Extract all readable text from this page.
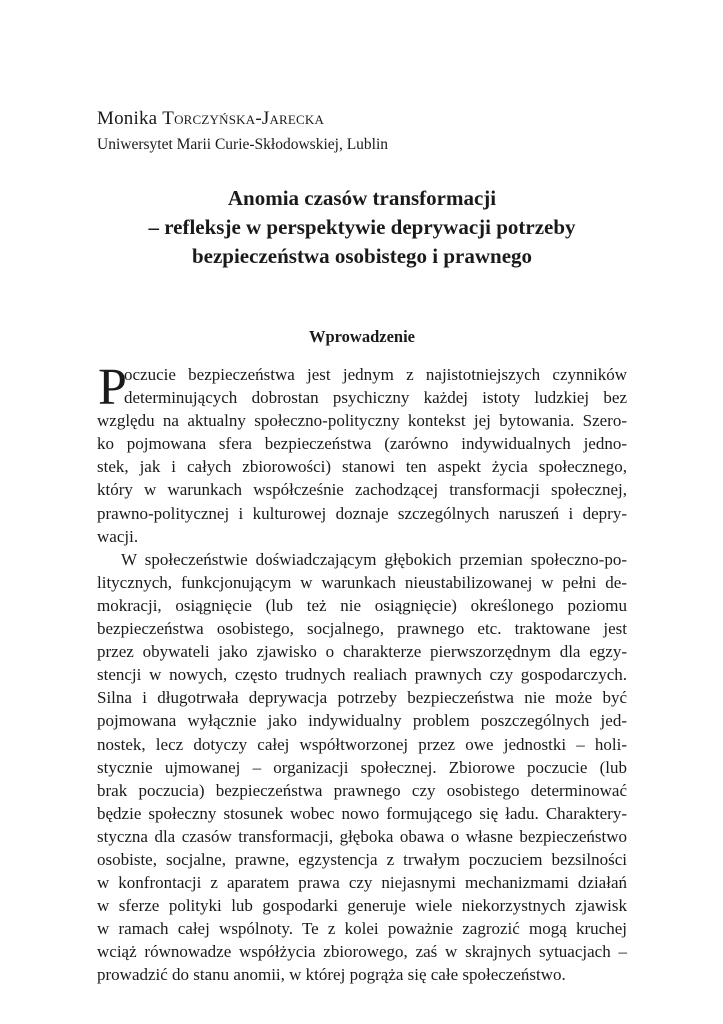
Monika Torczyńska-Jarecka
Uniwersytet Marii Curie-Skłodowskiej, Lublin
Anomia czasów transformacji
– refleksje w perspektywie deprywacji potrzeby
bezpieczeństwa osobistego i prawnego
Wprowadzenie
P
oczucie bezpieczeństwa jest jednym z najistotniejszych czynników
determinujących dobrostan psychiczny każdej istoty ludzkiej bez
względu na aktualny społeczno-polityczny kontekst jej bytowania. Szero-
ko pojmowana sfera bezpieczeństwa (zarówno indywidualnych jedno-
stek, jak i całych zbiorowości) stanowi ten aspekt życia społecznego,
który w warunkach współcześnie zachodzącej transformacji społecznej,
prawno-politycznej i kulturowej doznaje szczególnych naruszeń i depry-
wacji.
W społeczeństwie doświadczającym głębokich przemian społeczno-po-
litycznych, funkcjonującym w warunkach nieustabilizowanej w pełni de-
mokracji, osiągnięcie (lub też nie osiągnięcie) określonego poziomu
bezpieczeństwa osobistego, socjalnego, prawnego etc. traktowane jest
przez obywateli jako zjawisko o charakterze pierwszorzędnym dla egzy-
stencji w nowych, często trudnych realiach prawnych czy gospodarczych.
Silna i długotrwała deprywacja potrzeby bezpieczeństwa nie może być
pojmowana wyłącznie jako indywidualny problem poszczególnych jed-
nostek, lecz dotyczy całej współtworzonej przez owe jednostki – holi-
stycznie ujmowanej – organizacji społecznej. Zbiorowe poczucie (lub
brak poczucia) bezpieczeństwa prawnego czy osobistego determinować
będzie społeczny stosunek wobec nowo formującego się ładu. Charaktery-
styczna dla czasów transformacji, głęboka obawa o własne bezpieczeństwo
osobiste, socjalne, prawne, egzystencja z trwałym poczuciem bezsilności
w konfrontacji z aparatem prawa czy niejasnymi mechanizmami działań
w sferze polityki lub gospodarki generuje wiele niekorzystnych zjawisk
w ramach całej wspólnoty. Te z kolei poważnie zagrozić mogą kruchej
wciąż równowadze współżycia zbiorowego, zaś w skrajnych sytuacjach –
prowadzić do stanu anomii, w której pogrąża się całe społeczeństwo.
